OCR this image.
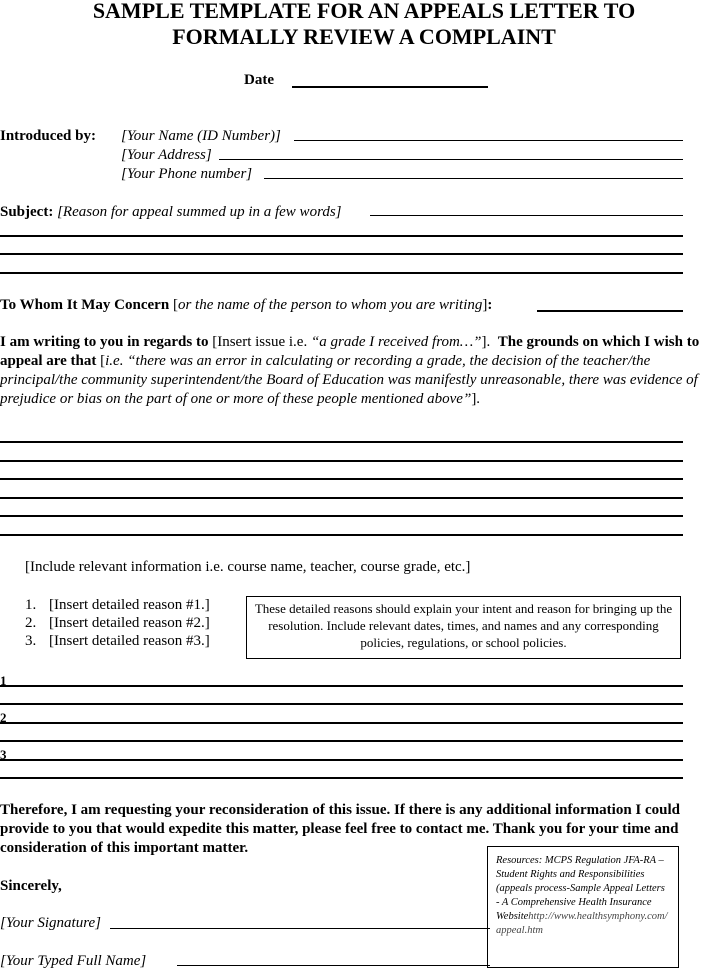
SAMPLE TEMPLATE FOR AN APPEALS LETTER TO
FORMALLY REVIEW A COMPLAINT
Date
Introduced by: [Your Name (ID Number)]
[Your Address]
[Your Phone number]
Subject: [Reason for appeal summed up in a few words]
To Whom It May Concern [or the name of the person to whom you are writing]:
I am writing to you in regards to [Insert issue i.e. “a grade I received from…”]. The grounds on which I wish to appeal are that [i.e. “there was an error in calculating or recording a grade, the decision of the teacher/the principal/the community superintendent/the Board of Education was manifestly unreasonable, there was evidence of prejudice or bias on the part of one or more of these people mentioned above”].
[Include relevant information i.e. course name, teacher, course grade, etc.]
1. [Insert detailed reason #1.]
2. [Insert detailed reason #2.]
3. [Insert detailed reason #3.]
These detailed reasons should explain your intent and reason for bringing up the resolution. Include relevant dates, times, and names and any corresponding policies, regulations, or school policies.
1
2
3
Therefore, I am requesting your reconsideration of this issue. If there is any additional information I could provide to you that would expedite this matter, please feel free to contact me. Thank you for your time and consideration of this important matter.
Sincerely,
[Your Signature]
[Your Typed Full Name]
Resources: MCPS Regulation JFA-RA – Student Rights and Responsibilities (appeals process-Sample Appeal Letters - A Comprehensive Health Insurance Websitehttp://www.healthsymphony.com/appeal.htm
